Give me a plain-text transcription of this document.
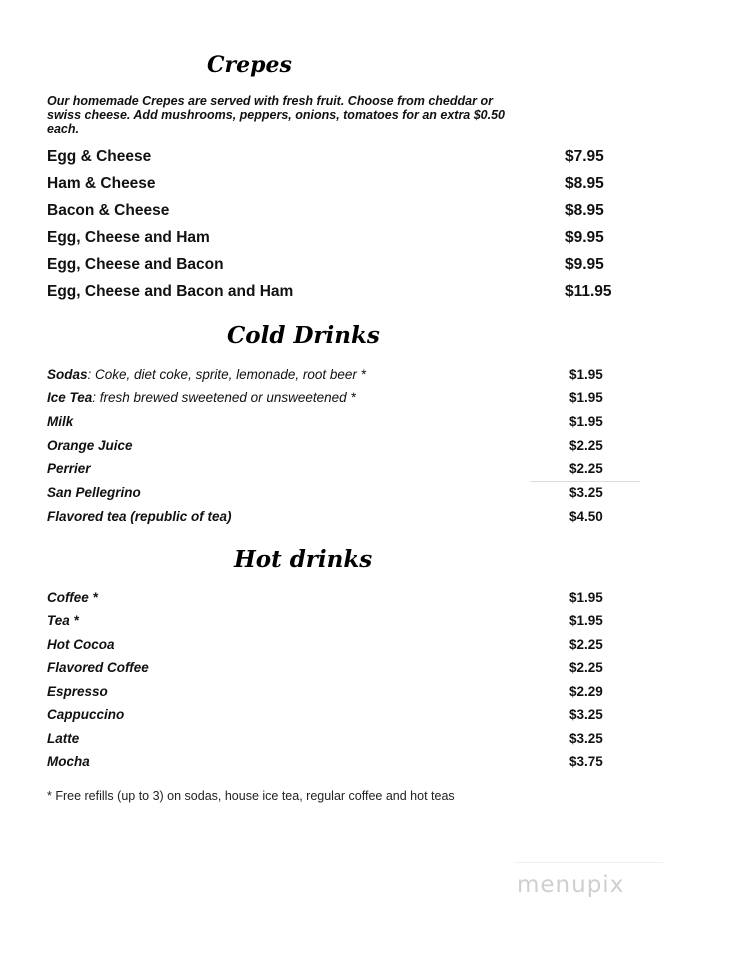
Crepes

Our homemade Crepes are served with fresh fruit. Choose from cheddar or swiss cheese. Add mushrooms, peppers, onions, tomatoes for an extra $0.50 each.

Egg & Cheese	$7.95
Ham & Cheese	$8.95
Bacon & Cheese	$8.95
Egg, Cheese and Ham	$9.95
Egg, Cheese and Bacon	$9.95
Egg, Cheese and Bacon and Ham	$11.95
Cold Drinks
Sodas: Coke, diet coke, sprite, lemonade, root beer *	$1.95
Ice Tea: fresh brewed sweetened or unsweetened *	$1.95
Milk	$1.95
Orange Juice	$2.25
Perrier	$2.25
San Pellegrino	$3.25
Flavored tea (republic of tea)	$4.50
Hot drinks
Coffee *	$1.95
Tea *	$1.95
Hot Cocoa	$2.25
Flavored Coffee	$2.25
Espresso	$2.29
Cappuccino	$3.25
Latte	$3.25
Mocha	$3.75

* Free refills (up to 3) on sodas, house ice tea, regular coffee and hot teas

menupix
